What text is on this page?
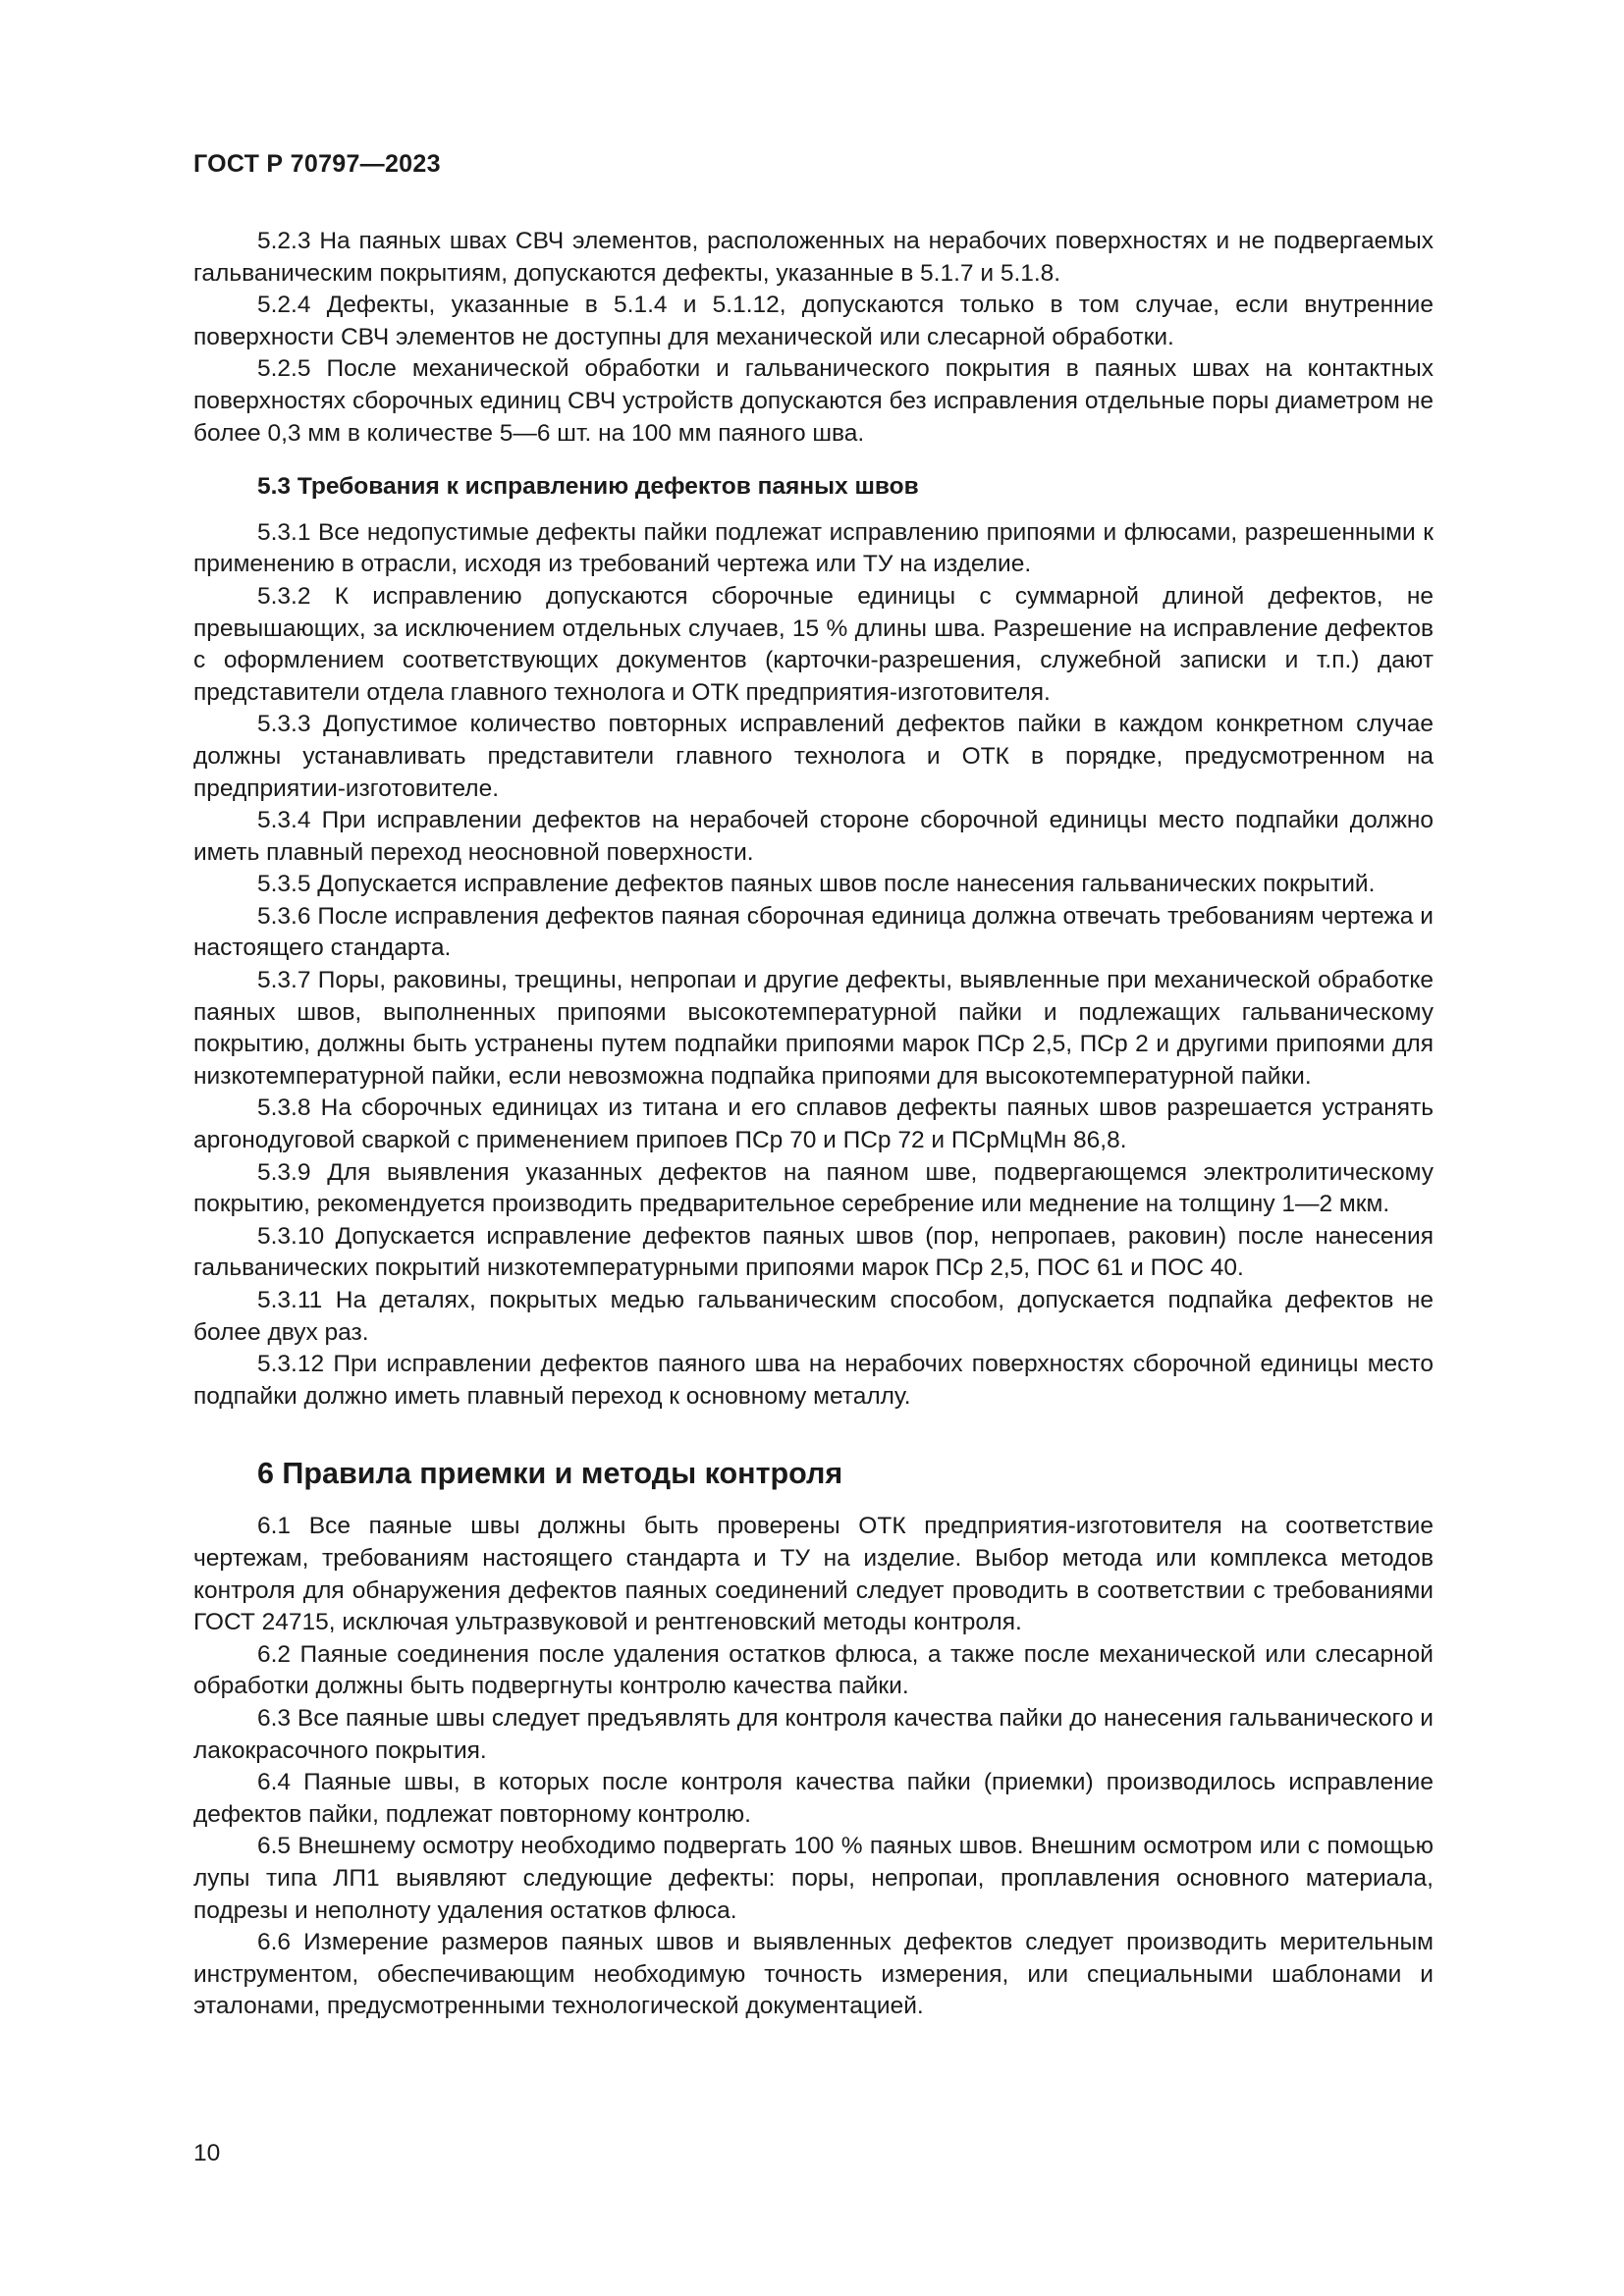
ГОСТ Р 70797—2023

5.2.3 На паяных швах СВЧ элементов, расположенных на нерабочих поверхностях и не подвергаемых гальваническим покрытиям, допускаются дефекты, указанные в 5.1.7 и 5.1.8.

5.2.4 Дефекты, указанные в 5.1.4 и 5.1.12, допускаются только в том случае, если внутренние поверхности СВЧ элементов не доступны для механической или слесарной обработки.

5.2.5 После механической обработки и гальванического покрытия в паяных швах на контактных поверхностях сборочных единиц СВЧ устройств допускаются без исправления отдельные поры диаметром не более 0,3 мм в количестве 5—6 шт. на 100 мм паяного шва.

5.3 Требования к исправлению дефектов паяных швов

5.3.1 Все недопустимые дефекты пайки подлежат исправлению припоями и флюсами, разрешенными к применению в отрасли, исходя из требований чертежа или ТУ на изделие.

5.3.2 К исправлению допускаются сборочные единицы с суммарной длиной дефектов, не превышающих, за исключением отдельных случаев, 15 % длины шва. Разрешение на исправление дефектов с оформлением соответствующих документов (карточки-разрешения, служебной записки и т.п.) дают представители отдела главного технолога и ОТК предприятия-изготовителя.

5.3.3 Допустимое количество повторных исправлений дефектов пайки в каждом конкретном случае должны устанавливать представители главного технолога и ОТК в порядке, предусмотренном на предприятии-изготовителе.

5.3.4 При исправлении дефектов на нерабочей стороне сборочной единицы место подпайки должно иметь плавный переход неосновной поверхности.

5.3.5 Допускается исправление дефектов паяных швов после нанесения гальванических покрытий.

5.3.6 После исправления дефектов паяная сборочная единица должна отвечать требованиям чертежа и настоящего стандарта.

5.3.7 Поры, раковины, трещины, непропаи и другие дефекты, выявленные при механической обработке паяных швов, выполненных припоями высокотемпературной пайки и подлежащих гальваническому покрытию, должны быть устранены путем подпайки припоями марок ПСр 2,5, ПСр 2 и другими припоями для низкотемпературной пайки, если невозможна подпайка припоями для высокотемпературной пайки.

5.3.8 На сборочных единицах из титана и его сплавов дефекты паяных швов разрешается устранять аргонодуговой сваркой с применением припоев ПСр 70 и ПСр 72 и ПСрМцМн 86,8.

5.3.9 Для выявления указанных дефектов на паяном шве, подвергающемся электролитическому покрытию, рекомендуется производить предварительное серебрение или меднение на толщину 1—2 мкм.

5.3.10 Допускается исправление дефектов паяных швов (пор, непропаев, раковин) после нанесения гальванических покрытий низкотемпературными припоями марок ПСр 2,5, ПОС 61 и ПОС 40.

5.3.11 На деталях, покрытых медью гальваническим способом, допускается подпайка дефектов не более двух раз.

5.3.12 При исправлении дефектов паяного шва на нерабочих поверхностях сборочной единицы место подпайки должно иметь плавный переход к основному металлу.

6 Правила приемки и методы контроля

6.1 Все паяные швы должны быть проверены ОТК предприятия-изготовителя на соответствие чертежам, требованиям настоящего стандарта и ТУ на изделие. Выбор метода или комплекса методов контроля для обнаружения дефектов паяных соединений следует проводить в соответствии с требованиями ГОСТ 24715, исключая ультразвуковой и рентгеновский методы контроля.

6.2 Паяные соединения после удаления остатков флюса, а также после механической или слесарной обработки должны быть подвергнуты контролю качества пайки.

6.3 Все паяные швы следует предъявлять для контроля качества пайки до нанесения гальванического и лакокрасочного покрытия.

6.4 Паяные швы, в которых после контроля качества пайки (приемки) производилось исправление дефектов пайки, подлежат повторному контролю.

6.5 Внешнему осмотру необходимо подвергать 100 % паяных швов. Внешним осмотром или с помощью лупы типа ЛП1 выявляют следующие дефекты: поры, непропаи, проплавления основного материала, подрезы и неполноту удаления остатков флюса.

6.6 Измерение размеров паяных швов и выявленных дефектов следует производить мерительным инструментом, обеспечивающим необходимую точность измерения, или специальными шаблонами и эталонами, предусмотренными технологической документацией.

10
